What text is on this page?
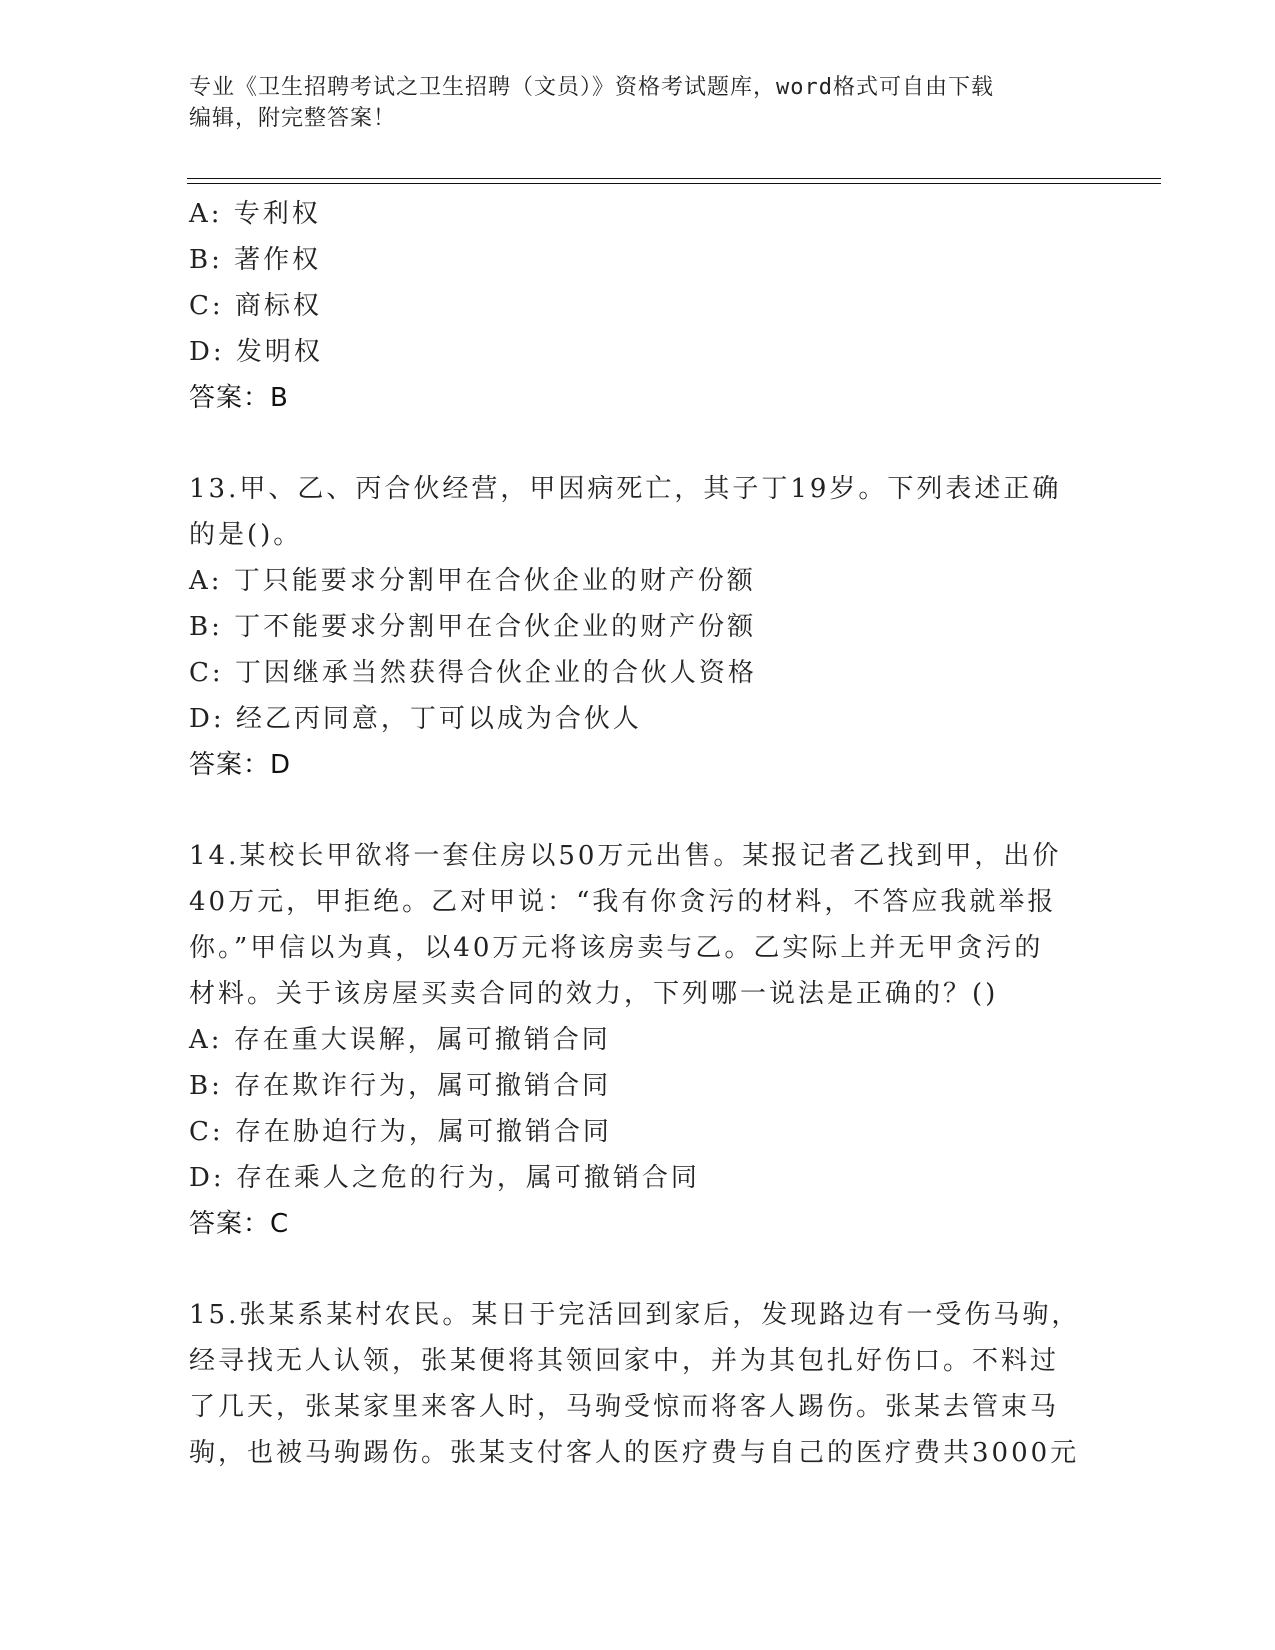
专业《卫生招聘考试之卫生招聘（文员）》资格考试题库，word格式可自由下载
编辑，附完整答案！
A: 专利权
B: 著作权
C: 商标权
D: 发明权
答案：B
13.甲、乙、丙合伙经营，甲因病死亡，其子丁19岁。下列表述正确
的是()。
A: 丁只能要求分割甲在合伙企业的财产份额
B: 丁不能要求分割甲在合伙企业的财产份额
C: 丁因继承当然获得合伙企业的合伙人资格
D: 经乙丙同意，丁可以成为合伙人
答案：D
14.某校长甲欲将一套住房以50万元出售。某报记者乙找到甲，出价
40万元，甲拒绝。乙对甲说：“我有你贪污的材料，不答应我就举报
你。”甲信以为真，以40万元将该房卖与乙。乙实际上并无甲贪污的
材料。关于该房屋买卖合同的效力，下列哪一说法是正确的？()
A: 存在重大误解，属可撤销合同
B: 存在欺诈行为，属可撤销合同
C: 存在胁迫行为，属可撤销合同
D: 存在乘人之危的行为，属可撤销合同
答案：C
15.张某系某村农民。某日于完活回到家后，发现路边有一受伤马驹，
经寻找无人认领，张某便将其领回家中，并为其包扎好伤口。不料过
了几天，张某家里来客人时，马驹受惊而将客人踢伤。张某去管束马
驹，也被马驹踢伤。张某支付客人的医疗费与自己的医疗费共3000元
